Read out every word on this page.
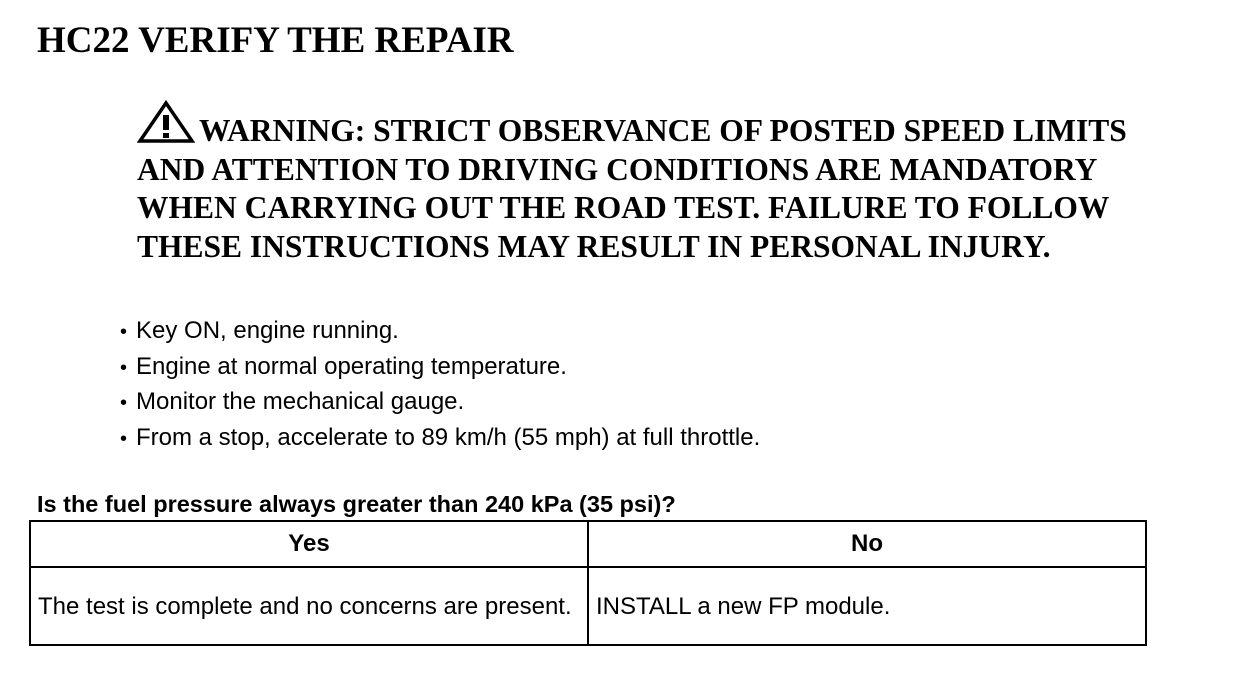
HC22 VERIFY THE REPAIR
WARNING: STRICT OBSERVANCE OF POSTED SPEED LIMITS
AND ATTENTION TO DRIVING CONDITIONS ARE MANDATORY
WHEN CARRYING OUT THE ROAD TEST. FAILURE TO FOLLOW
THESE INSTRUCTIONS MAY RESULT IN PERSONAL INJURY.
• Key ON, engine running.
• Engine at normal operating temperature.
• Monitor the mechanical gauge.
• From a stop, accelerate to 89 km/h (55 mph) at full throttle.

Is the fuel pressure always greater than 240 kPa (35 psi)?

Yes	No
The test is complete and no concerns are present.	INSTALL a new FP module.
